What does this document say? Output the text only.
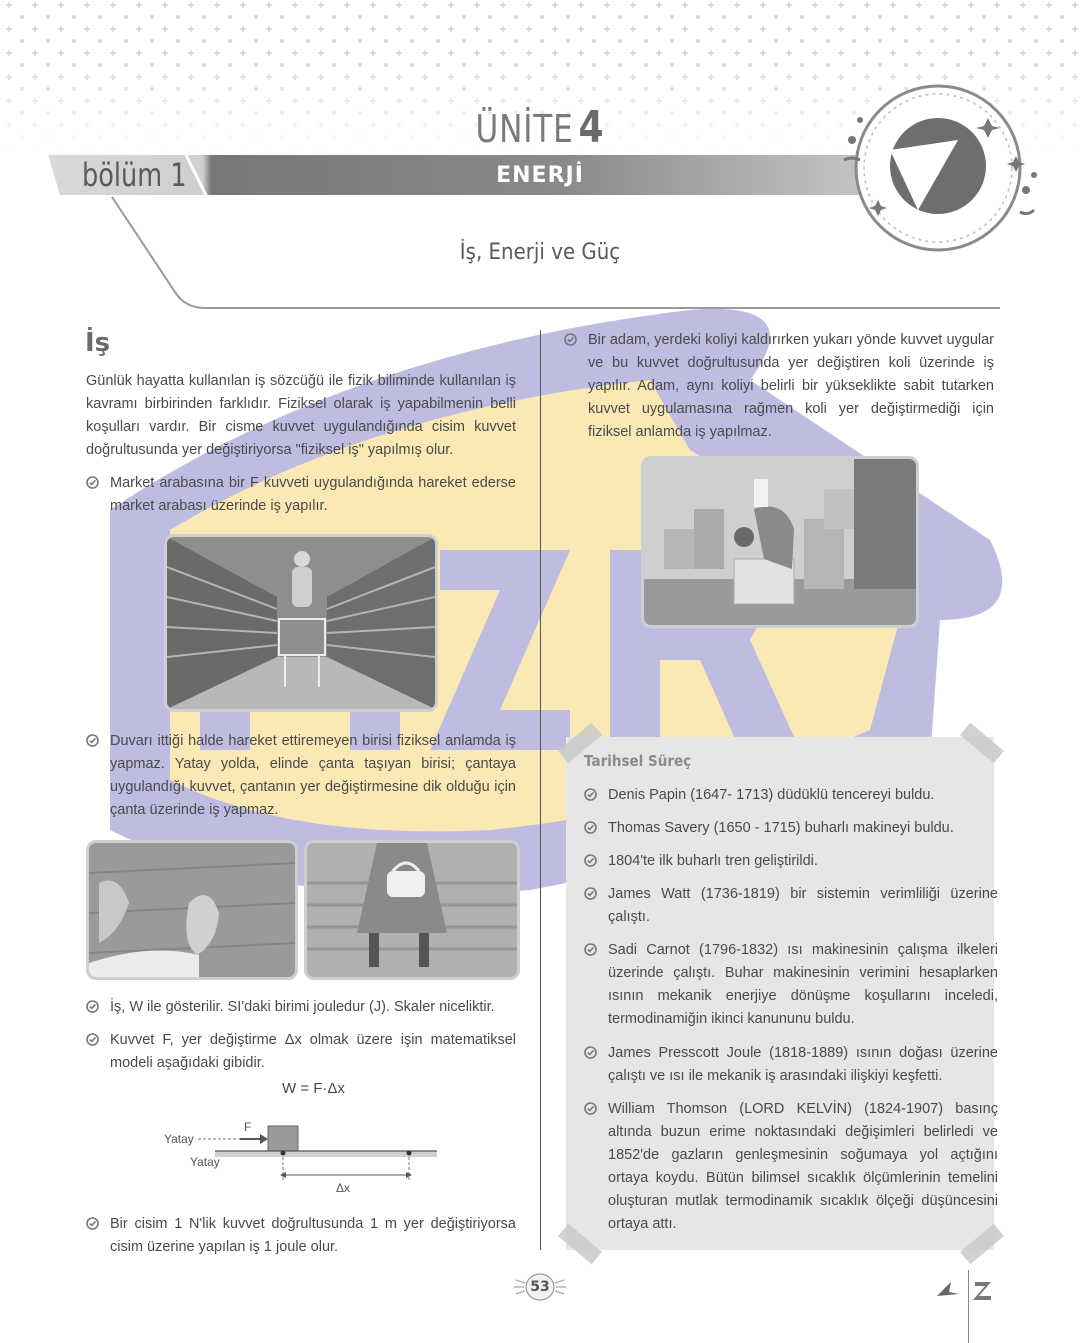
ÜNİTE 4
bölüm 1	ENERJİ
İş, Enerji ve Güç
İş
Günlük hayatta kullanılan iş sözcüğü ile fizik biliminde kullanılan iş kavramı birbirinden farklıdır. Fiziksel olarak iş yapabilmenin belli koşulları vardır. Bir cisme kuvvet uygulandığında cisim kuvvet doğrultusunda yer değiştiriyorsa "fiziksel iş" yapılmış olur.
Market arabasına bir F kuvveti uygulandığında hareket ederse market arabası üzerinde iş yapılır.
Duvarı ittiği halde hareket ettiremeyen birisi fiziksel anlamda iş yapmaz. Yatay yolda, elinde çanta taşıyan birisi; çantaya uygulandığı kuvvet, çantanın yer değiştirmesine dik olduğu için çanta üzerinde iş yapmaz.
İş, W ile gösterilir. SI'daki birimi jouledur (J). Skaler niceliktir.
Kuvvet F, yer değiştirme Δx olmak üzere işin matematiksel modeli aşağıdaki gibidir.
W = F·Δx
Yatay
F
Yatay
Δx
Bir cisim 1 N'lik kuvvet doğrultusunda 1 m yer değiştiriyorsa cisim üzerine yapılan iş 1 joule olur.
Bir adam, yerdeki koliyi kaldırırken yukarı yönde kuvvet uygular ve bu kuvvet doğrultusunda yer değiştiren koli üzerinde iş yapılır. Adam, aynı koliyi belirli bir yükseklikte sabit tutarken kuvvet uygulamasına rağmen koli yer değiştirmediği için fiziksel anlamda iş yapılmaz.
Tarihsel Süreç
Denis Papin (1647- 1713) düdüklü tencereyi buldu.
Thomas Savery (1650 - 1715) buharlı makineyi buldu.
1804'te ilk buharlı tren geliştirildi.
James Watt (1736-1819) bir sistemin verimliliği üzerine çalıştı.
Sadi Carnot (1796-1832) ısı makinesinin çalışma ilkeleri üzerinde çalıştı. Buhar makinesinin verimini hesaplarken ısının mekanik enerjiye dönüşme koşullarını inceledi, termodinamiğin ikinci kanununu buldu.
James Presscott Joule (1818-1889) ısının doğası üzerine çalıştı ve ısı ile mekanik iş arasındaki ilişkiyi keşfetti.
William Thomson (LORD KELVİN) (1824-1907) basınç altında buzun erime noktasındaki değişimleri belirledi ve 1852'de gazların genleşmesinin soğumaya yol açtığını ortaya koydu. Bütün bilimsel sıcaklık ölçümlerinin temelini oluşturan mutlak termodinamik sıcaklık ölçeği düşüncesini ortaya attı.
53
